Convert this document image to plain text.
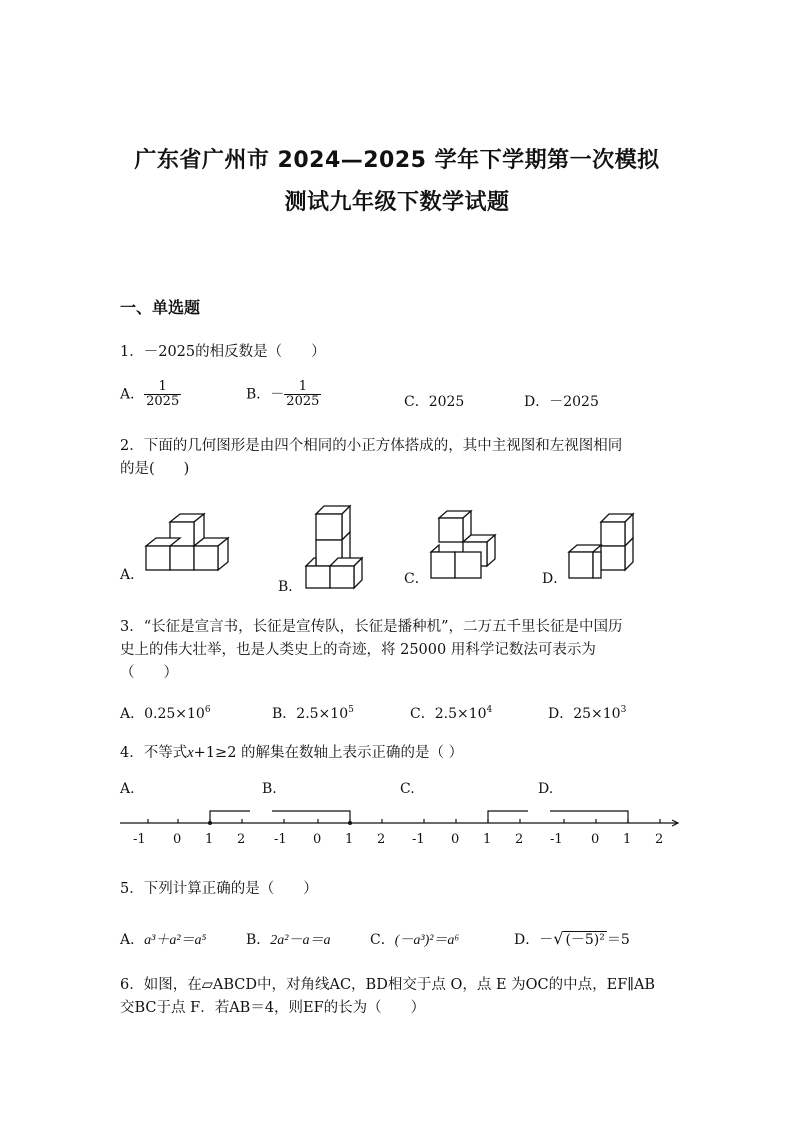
广东省广州市 2024—2025 学年下学期第一次模拟
测试九年级下数学试题
一、单选题
1．－2025的相反数是（　　）
A． $\frac{1}{2025}$	B．－ $\frac{1}{2025}$	C．2025	D．－2025
2．下面的几何图形是由四个相同的小正方体搭成的，其中主视图和左视图相同
的是(　　)
A．
B．	C．	D．
3．“长征是宣言书，长征是宣传队，长征是播种机”，二万五千里长征是中国历
史上的伟大壮举，也是人类史上的奇迹，将 25000 用科学记数法可表示为
（　　）
A．$0.25\times 10^6$	B．$2.5\times 10^5$	C．$2.5\times 10^4$	D．$25\times 10^3$
4．不等式x+1≥2 的解集在数轴上表示正确的是（ ）
A.	B.	C.	D.
-1 0 1 2 -1 0 1 2 -1 0 1 2 -1 0 1 2
5．下列计算正确的是（　　）
A．a³＋a²＝a⁵	B．2a²－a＝a	C．(－a³)²＝a⁶	D．－√ (－5)² ＝5
6．如图，在▱ABCD中，对角线AC，BD相交于点 O，点 E 为OC的中点，EF∥AB
交BC于点 F．若AB＝4，则EF的长为（　　）
